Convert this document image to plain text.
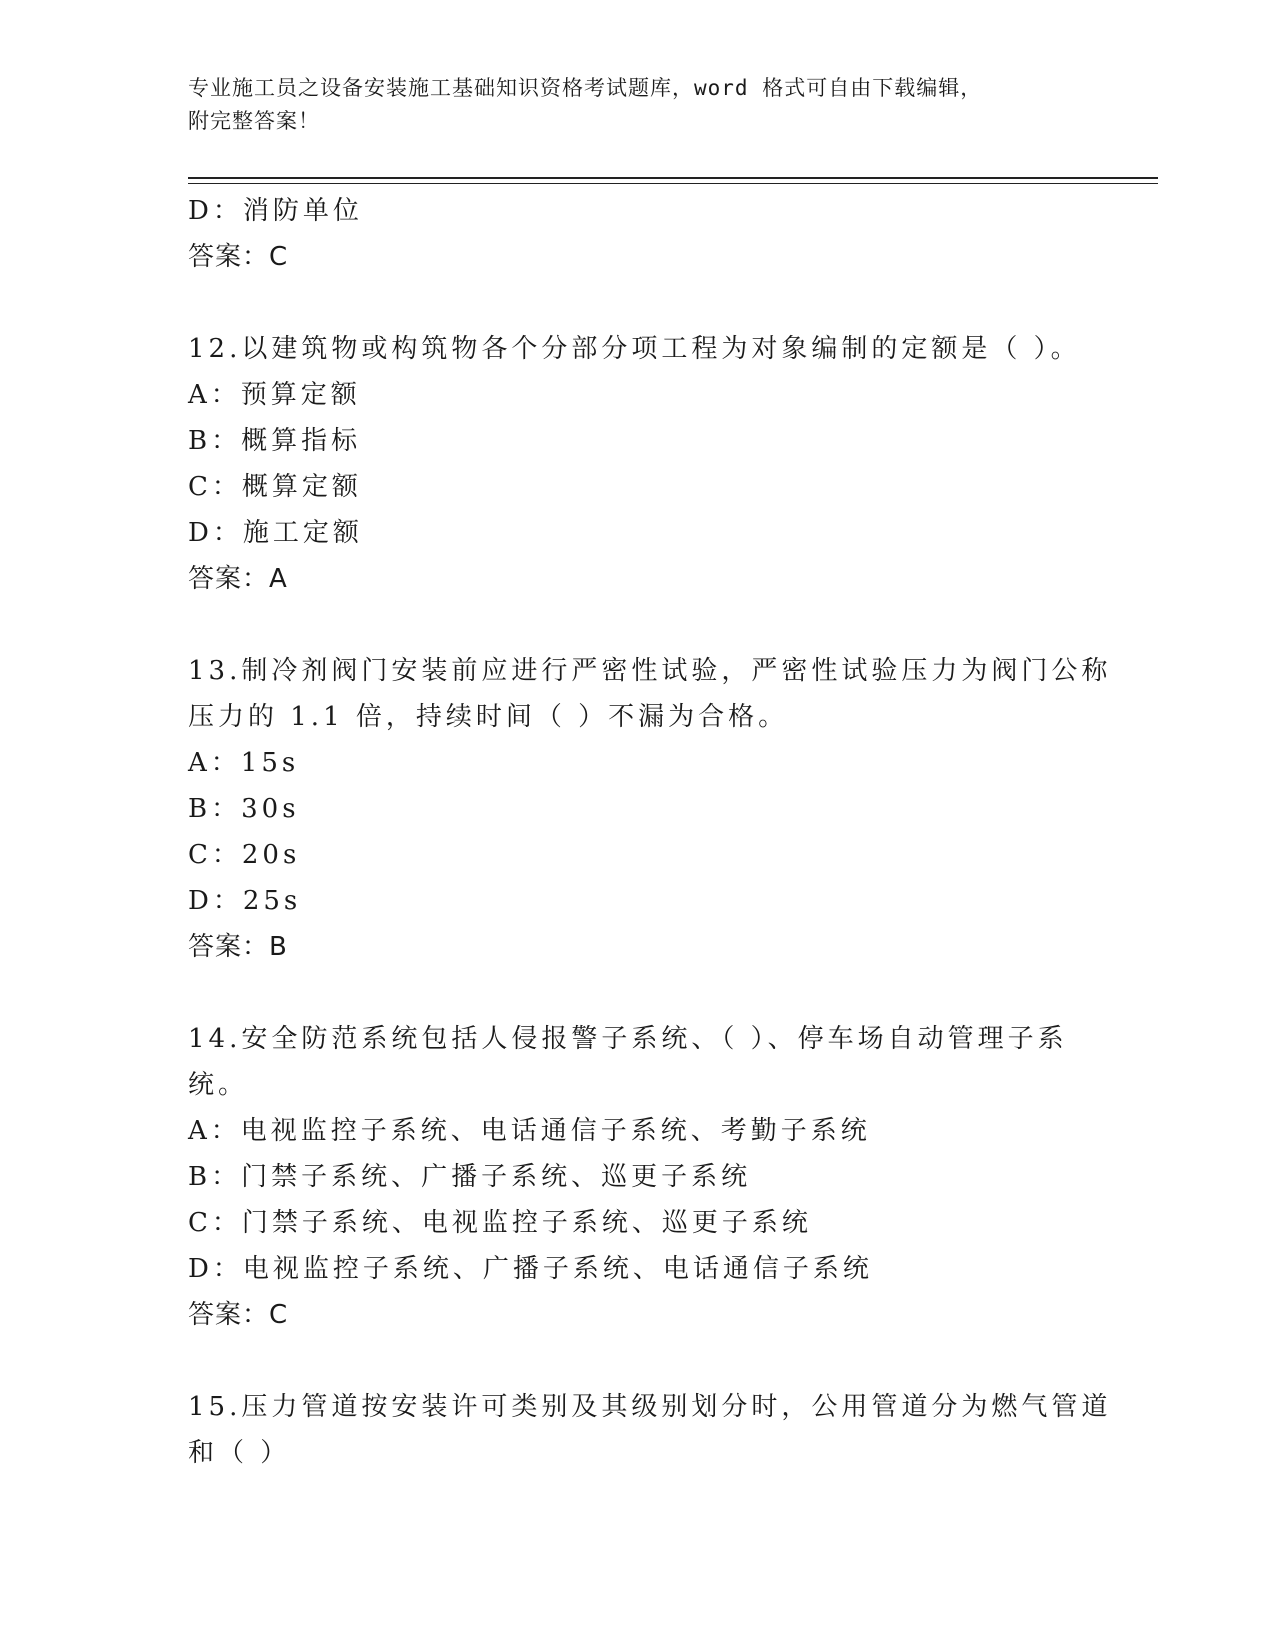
专业施工员之设备安装施工基础知识资格考试题库，word 格式可自由下载编辑，
附完整答案！
D：消防单位
答案：C
12.以建筑物或构筑物各个分部分项工程为对象编制的定额是（ ）。
A：预算定额
B：概算指标
C：概算定额
D：施工定额
答案：A
13.制冷剂阀门安装前应进行严密性试验，严密性试验压力为阀门公称
压力的 1.1 倍，持续时间（ ）不漏为合格。
A：15s
B：30s
C：20s
D：25s
答案：B
14.安全防范系统包括人侵报警子系统、（ ）、停车场自动管理子系
统。
A：电视监控子系统、电话通信子系统、考勤子系统
B：门禁子系统、广播子系统、巡更子系统
C：门禁子系统、电视监控子系统、巡更子系统
D：电视监控子系统、广播子系统、电话通信子系统
答案：C
15.压力管道按安装许可类别及其级别划分时，公用管道分为燃气管道
和（ ）
